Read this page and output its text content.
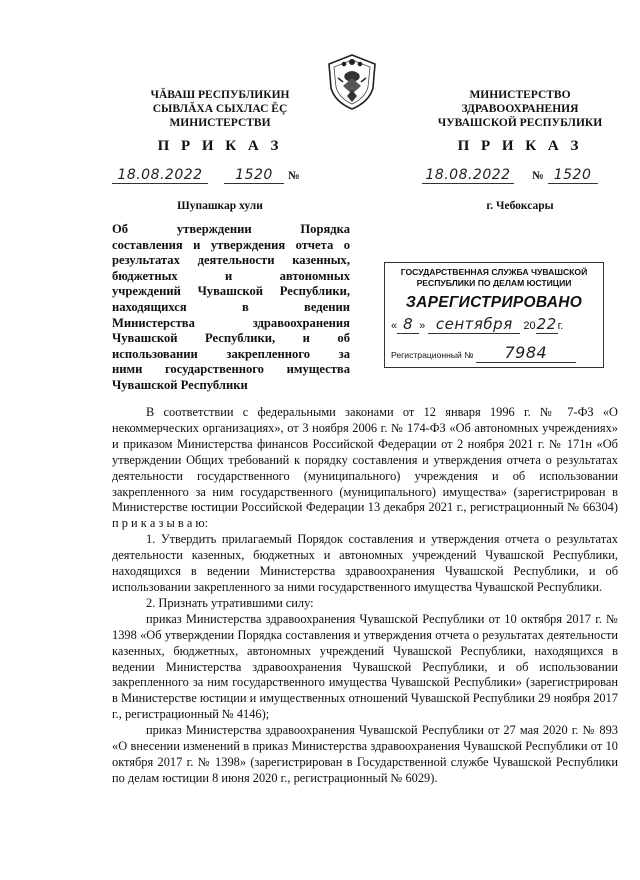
ЧĂВАШ РЕСПУБЛИКИН
СЫВЛĂХА СЫХЛАС ĔÇ
МИНИСТЕРСТВИ
МИНИСТЕРСТВО
ЗДРАВООХРАНЕНИЯ
ЧУВАШСКОЙ РЕСПУБЛИКИ
П Р И К А З	П Р И К А З
18.08.2022 1520 №	18.08.2022 № 1520
Шупашкар хули	г. Чебоксары
Об утверждении Порядка
составления и утверждения отчета о
результатах деятельности казенных,
бюджетных и автономных
учреждений Чувашской Республики,
находящихся в ведении
Министерства здравоохранения
Чувашской Республики, и об
использовании закрепленного за
ними государственного имущества
Чувашской Республики
ГОСУДАРСТВЕННАЯ СЛУЖБА ЧУВАШСКОЙ
РЕСПУБЛИКИ ПО ДЕЛАМ ЮСТИЦИИ
ЗАРЕГИСТРИРОВАНО
« 8 » сентября 2022г.
Регистрационный № 7984

В соответствии с федеральными законами от 12 января 1996 г. № 7-ФЗ «О некоммерческих организациях», от 3 ноября 2006 г. № 174-ФЗ «Об автономных учреждениях» и приказом Министерства финансов Российской Федерации от 2 ноября 2021 г. № 171н «Об утверждении Общих требований к порядку составления и утверждения отчета о результатах деятельности государственного (муниципального) учреждения и об использовании закрепленного за ним государственного (муниципального) имущества» (зарегистрирован в Министерстве юстиции Российской Федерации 13 декабря 2021 г., регистрационный № 66304) п р и к а з ы в а ю:

1. Утвердить прилагаемый Порядок составления и утверждения отчета о результатах деятельности казенных, бюджетных и автономных учреждений Чувашской Республики, находящихся в ведении Министерства здравоохранения Чувашской Республики, и об использовании закрепленного за ними государственного имущества Чувашской Республики.

2. Признать утратившими силу:

приказ Министерства здравоохранения Чувашской Республики от 10 октября 2017 г. № 1398 «Об утверждении Порядка составления и утверждения отчета о результатах деятельности казенных, бюджетных, автономных учреждений Чувашской Республики, находящихся в ведении Министерства здравоохранения Чувашской Республики, и об использовании закрепленного за ним государственного имущества Чувашской Республики» (зарегистрирован в Министерстве юстиции и имущественных отношений Чувашской Республики 29 ноября 2017 г., регистрационный № 4146);

приказ Министерства здравоохранения Чувашской Республики от 27 мая 2020 г. № 893 «О внесении изменений в приказ Министерства здравоохранения Чувашской Республики от 10 октября 2017 г. № 1398» (зарегистрирован в Государственной службе Чувашской Республики по делам юстиции 8 июня 2020 г., регистрационный № 6029).
